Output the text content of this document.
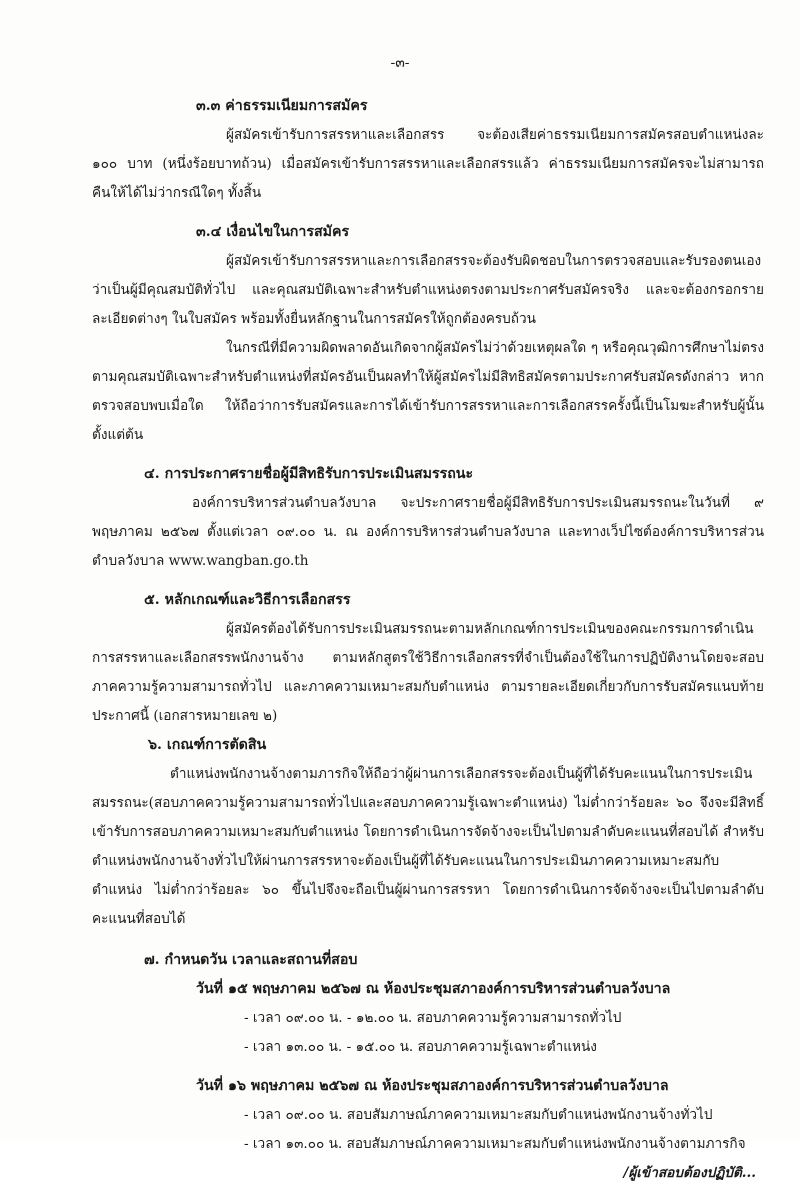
-๓-
๓.๓ ค่าธรรมเนียมการสมัคร

ผู้สมัครเข้ารับการสรรหาและเลือกสรร จะต้องเสียค่าธรรมเนียมการสมัครสอบตำแหน่งละ ๑๐๐ บาท (หนึ่งร้อยบาทถ้วน) เมื่อสมัครเข้ารับการสรรหาและเลือกสรรแล้ว ค่าธรรมเนียมการสมัครจะไม่สามารถคืนให้ได้ไม่ว่ากรณีใดๆ ทั้งสิ้น

๓.๔ เงื่อนไขในการสมัคร

ผู้สมัครเข้ารับการสรรหาและการเลือกสรรจะต้องรับผิดชอบในการตรวจสอบและรับรองตนเองว่าเป็นผู้มีคุณสมบัติทั่วไป และคุณสมบัติเฉพาะสำหรับตำแหน่งตรงตามประกาศรับสมัครจริง และจะต้องกรอกรายละเอียดต่างๆ ในใบสมัคร พร้อมทั้งยื่นหลักฐานในการสมัครให้ถูกต้องครบถ้วน

ในกรณีที่มีความผิดพลาดอันเกิดจากผู้สมัครไม่ว่าด้วยเหตุผลใด ๆ หรือคุณวุฒิการศึกษาไม่ตรงตามคุณสมบัติเฉพาะสำหรับตำแหน่งที่สมัครอันเป็นผลทำให้ผู้สมัครไม่มีสิทธิสมัครตามประกาศรับสมัครดังกล่าว หากตรวจสอบพบเมื่อใด ให้ถือว่าการรับสมัครและการได้เข้ารับการสรรหาและการเลือกสรรครั้งนี้เป็นโมฆะสำหรับผู้นั้นตั้งแต่ต้น

๔. การประกาศรายชื่อผู้มีสิทธิรับการประเมินสมรรถนะ

องค์การบริหารส่วนตำบลวังบาล จะประกาศรายชื่อผู้มีสิทธิรับการประเมินสมรรถนะในวันที่ ๙ พฤษภาคม ๒๕๖๗ ตั้งแต่เวลา ๐๙.๐๐ น. ณ องค์การบริหารส่วนตำบลวังบาล และทางเว็ปไซต์องค์การบริหารส่วนตำบลวังบาล www.wangban.go.th

๕. หลักเกณฑ์และวิธีการเลือกสรร

ผู้สมัครต้องได้รับการประเมินสมรรถนะตามหลักเกณฑ์การประเมินของคณะกรรมการดำเนินการสรรหาและเลือกสรรพนักงานจ้าง ตามหลักสูตรใช้วิธีการเลือกสรรที่จำเป็นต้องใช้ในการปฏิบัติงานโดยจะสอบภาคความรู้ความสามารถทั่วไป และภาคความเหมาะสมกับตำแหน่ง ตามรายละเอียดเกี่ยวกับการรับสมัครแนบท้ายประกาศนี้ (เอกสารหมายเลข ๒)

๖. เกณฑ์การตัดสิน

ตำแหน่งพนักงานจ้างตามภารกิจให้ถือว่าผู้ผ่านการเลือกสรรจะต้องเป็นผู้ที่ได้รับคะแนนในการประเมินสมรรถนะ(สอบภาคความรู้ความสามารถทั่วไปและสอบภาคความรู้เฉพาะตำแหน่ง) ไม่ต่ำกว่าร้อยละ ๖๐ จึงจะมีสิทธิ์เข้ารับการสอบภาคความเหมาะสมกับตำแหน่ง โดยการดำเนินการจัดจ้างจะเป็นไปตามลำดับคะแนนที่สอบได้ สำหรับตำแหน่งพนักงานจ้างทั่วไปให้ผ่านการสรรหาจะต้องเป็นผู้ที่ได้รับคะแนนในการประเมินภาคความเหมาะสมกับตำแหน่ง ไม่ต่ำกว่าร้อยละ ๖๐ ขึ้นไปจึงจะถือเป็นผู้ผ่านการสรรหา โดยการดำเนินการจัดจ้างจะเป็นไปตามลำดับคะแนนที่สอบได้

๗. กำหนดวัน เวลาและสถานที่สอบ
วันที่ ๑๕ พฤษภาคม ๒๕๖๗ ณ ห้องประชุมสภาองค์การบริหารส่วนตำบลวังบาล
- เวลา ๐๙.๐๐ น. - ๑๒.๐๐ น. สอบภาคความรู้ความสามารถทั่วไป
- เวลา ๑๓.๐๐ น. - ๑๕.๐๐ น. สอบภาคความรู้เฉพาะตำแหน่ง
วันที่ ๑๖ พฤษภาคม ๒๕๖๗ ณ ห้องประชุมสภาองค์การบริหารส่วนตำบลวังบาล
- เวลา ๐๙.๐๐ น. สอบสัมภาษณ์ภาคความเหมาะสมกับตำแหน่งพนักงานจ้างทั่วไป
- เวลา ๑๓.๐๐ น. สอบสัมภาษณ์ภาคความเหมาะสมกับตำแหน่งพนักงานจ้างตามภารกิจ
/ผู้เข้าสอบต้องปฏิบัติ...
